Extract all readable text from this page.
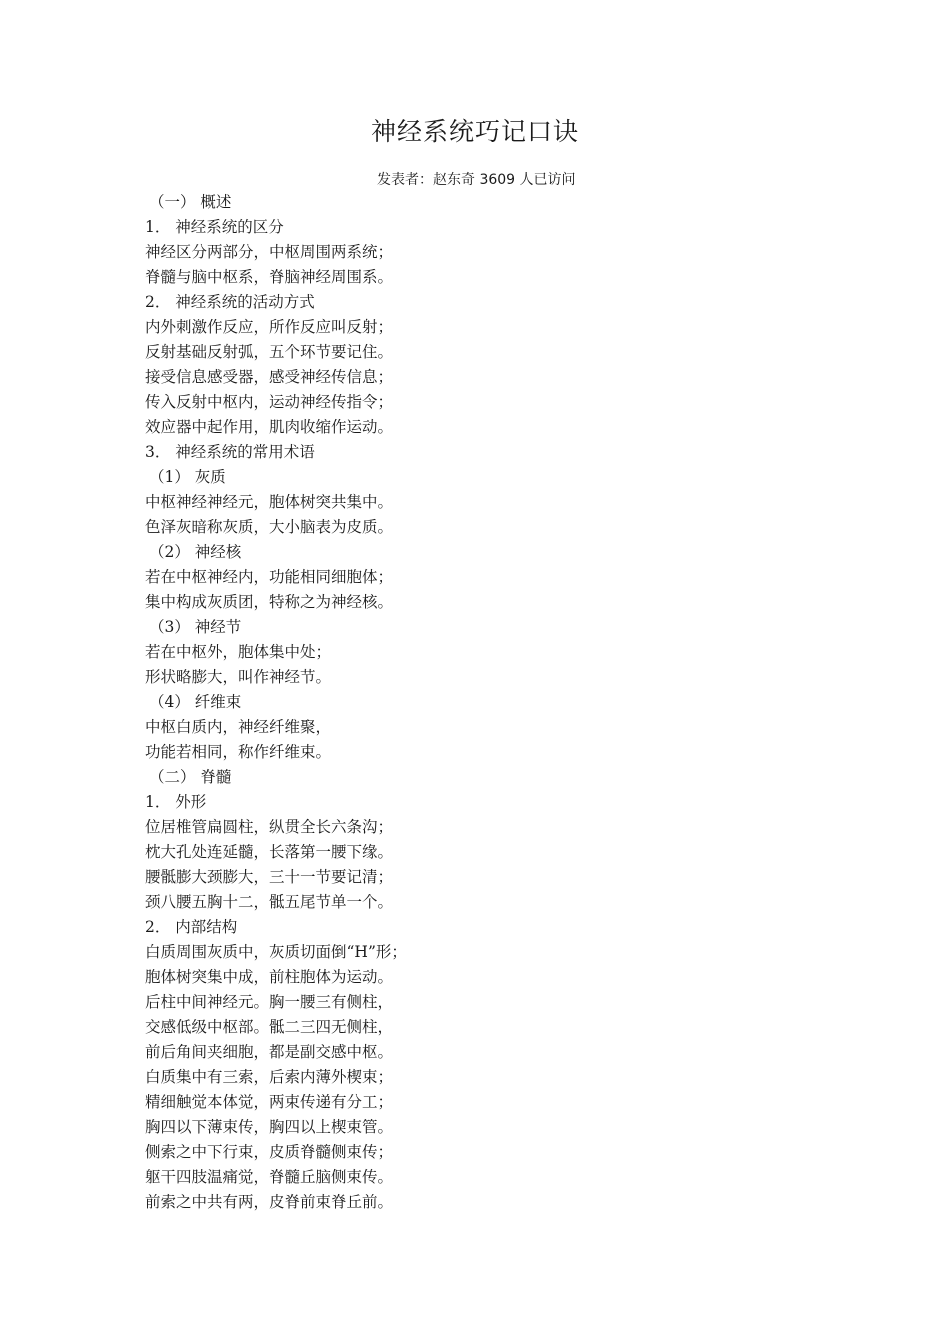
神经系统巧记口诀
发表者：赵东奇 3609 人已访问
（一） 概述
1． 神经系统的区分
神经区分两部分，中枢周围两系统；
脊髓与脑中枢系，脊脑神经周围系。
2． 神经系统的活动方式
内外刺激作反应，所作反应叫反射；
反射基础反射弧，五个环节要记住。
接受信息感受器，感受神经传信息；
传入反射中枢内，运动神经传指令；
效应器中起作用，肌肉收缩作运动。
3． 神经系统的常用术语
（1） 灰质
中枢神经神经元，胞体树突共集中。
色泽灰暗称灰质，大小脑表为皮质。
（2） 神经核
若在中枢神经内，功能相同细胞体；
集中构成灰质团，特称之为神经核。
（3） 神经节
若在中枢外，胞体集中处；
形状略膨大，叫作神经节。
（4） 纤维束
中枢白质内，神经纤维聚，
功能若相同，称作纤维束。
（二） 脊髓
1． 外形
位居椎管扁圆柱，纵贯全长六条沟；
枕大孔处连延髓，长落第一腰下缘。
腰骶膨大颈膨大，三十一节要记清；
颈八腰五胸十二，骶五尾节单一个。
2． 内部结构
白质周围灰质中，灰质切面倒“H”形；
胞体树突集中成，前柱胞体为运动。
后柱中间神经元。胸一腰三有侧柱，
交感低级中枢部。骶二三四无侧柱，
前后角间夹细胞，都是副交感中枢。
白质集中有三索，后索内薄外楔束；
精细触觉本体觉，两束传递有分工；
胸四以下薄束传，胸四以上楔束管。
侧索之中下行束，皮质脊髓侧束传；
躯干四肢温痛觉，脊髓丘脑侧束传。
前索之中共有两，皮脊前束脊丘前。
